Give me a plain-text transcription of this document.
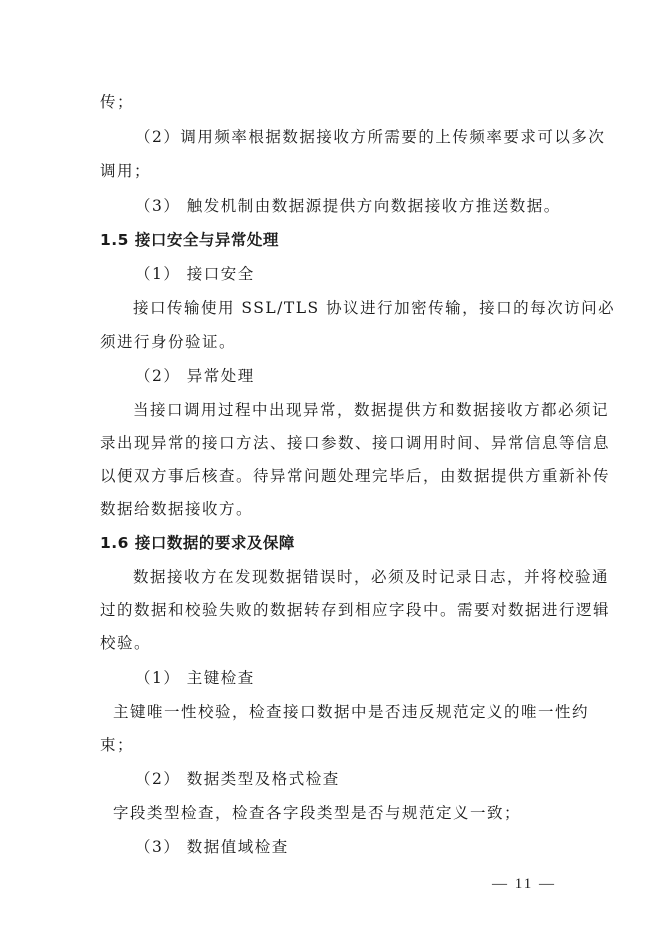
传；
（2）调用频率根据数据接收方所需要的上传频率要求可以多次
调用；
（3） 触发机制由数据源提供方向数据接收方推送数据。
1.5 接口安全与异常处理
（1） 接口安全
接口传输使用 SSL/TLS 协议进行加密传输，接口的每次访问必
须进行身份验证。
（2） 异常处理
当接口调用过程中出现异常，数据提供方和数据接收方都必须记
录出现异常的接口方法、接口参数、接口调用时间、异常信息等信息
以便双方事后核查。待异常问题处理完毕后，由数据提供方重新补传
数据给数据接收方。
1.6 接口数据的要求及保障
数据接收方在发现数据错误时，必须及时记录日志，并将校验通
过的数据和校验失败的数据转存到相应字段中。需要对数据进行逻辑
校验。
（1） 主键检查
主键唯一性校验，检查接口数据中是否违反规范定义的唯一性约
束；
（2） 数据类型及格式检查
字段类型检查，检查各字段类型是否与规范定义一致；
（3） 数据值域检查
— 11 —
